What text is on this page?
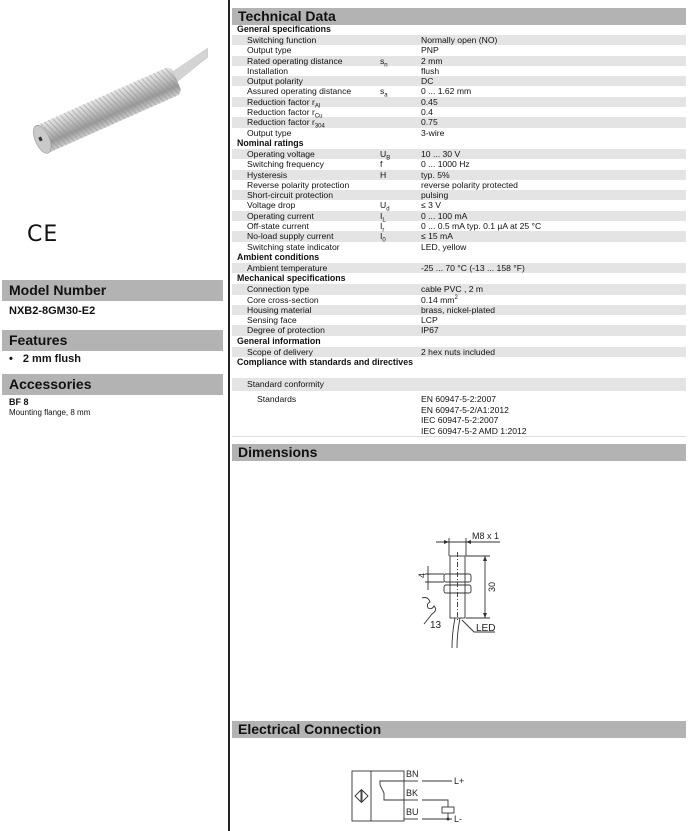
CE
Model Number
NXB2-8GM30-E2
Features
• 2 mm flush
Accessories
BF 8
Mounting flange, 8 mm
Technical Data
General specifications
Switching function	Normally open (NO)
Output type	PNP
Rated operating distance	$s_n$	2 mm
Installation	flush
Output polarity	DC
Assured operating distance	$s_a$	0 ... 1.62 mm
Reduction factor $r_{Al}$	0.45
Reduction factor $r_{Cu}$	0.4
Reduction factor $r_{304}$	0.75
Output type	3-wire
Nominal ratings
Operating voltage	$U_B$	10 ... 30 V
Switching frequency	f	0 ... 1000 Hz
Hysteresis	H	typ. 5%
Reverse polarity protection	reverse polarity protected
Short-circuit protection	pulsing
Voltage drop	$U_d$	≤ 3 V
Operating current	$I_L$	0 ... 100 mA
Off-state current	$I_r$	0 ... 0.5 mA typ. 0.1 µA at 25 °C
No-load supply current	$I_0$	≤ 15 mA
Switching state indicator	LED, yellow
Ambient conditions
Ambient temperature	-25 ... 70 °C (-13 ... 158 °F)
Mechanical specifications
Connection type	cable PVC , 2 m
Core cross-section	0.14 $mm^2$
Housing material	brass, nickel-plated
Sensing face	LCP
Degree of protection	IP67
General information
Scope of delivery	2 hex nuts included
Compliance with standards and directives
Standard conformity
Standards	EN 60947-5-2:2007
EN 60947-5-2/A1:2012
IEC 60947-5-2:2007
IEC 60947-5-2 AMD 1:2012
Dimensions
M8 x 1
4
30
13	LED
Electrical Connection
BN
BK
BU
L+
L-
